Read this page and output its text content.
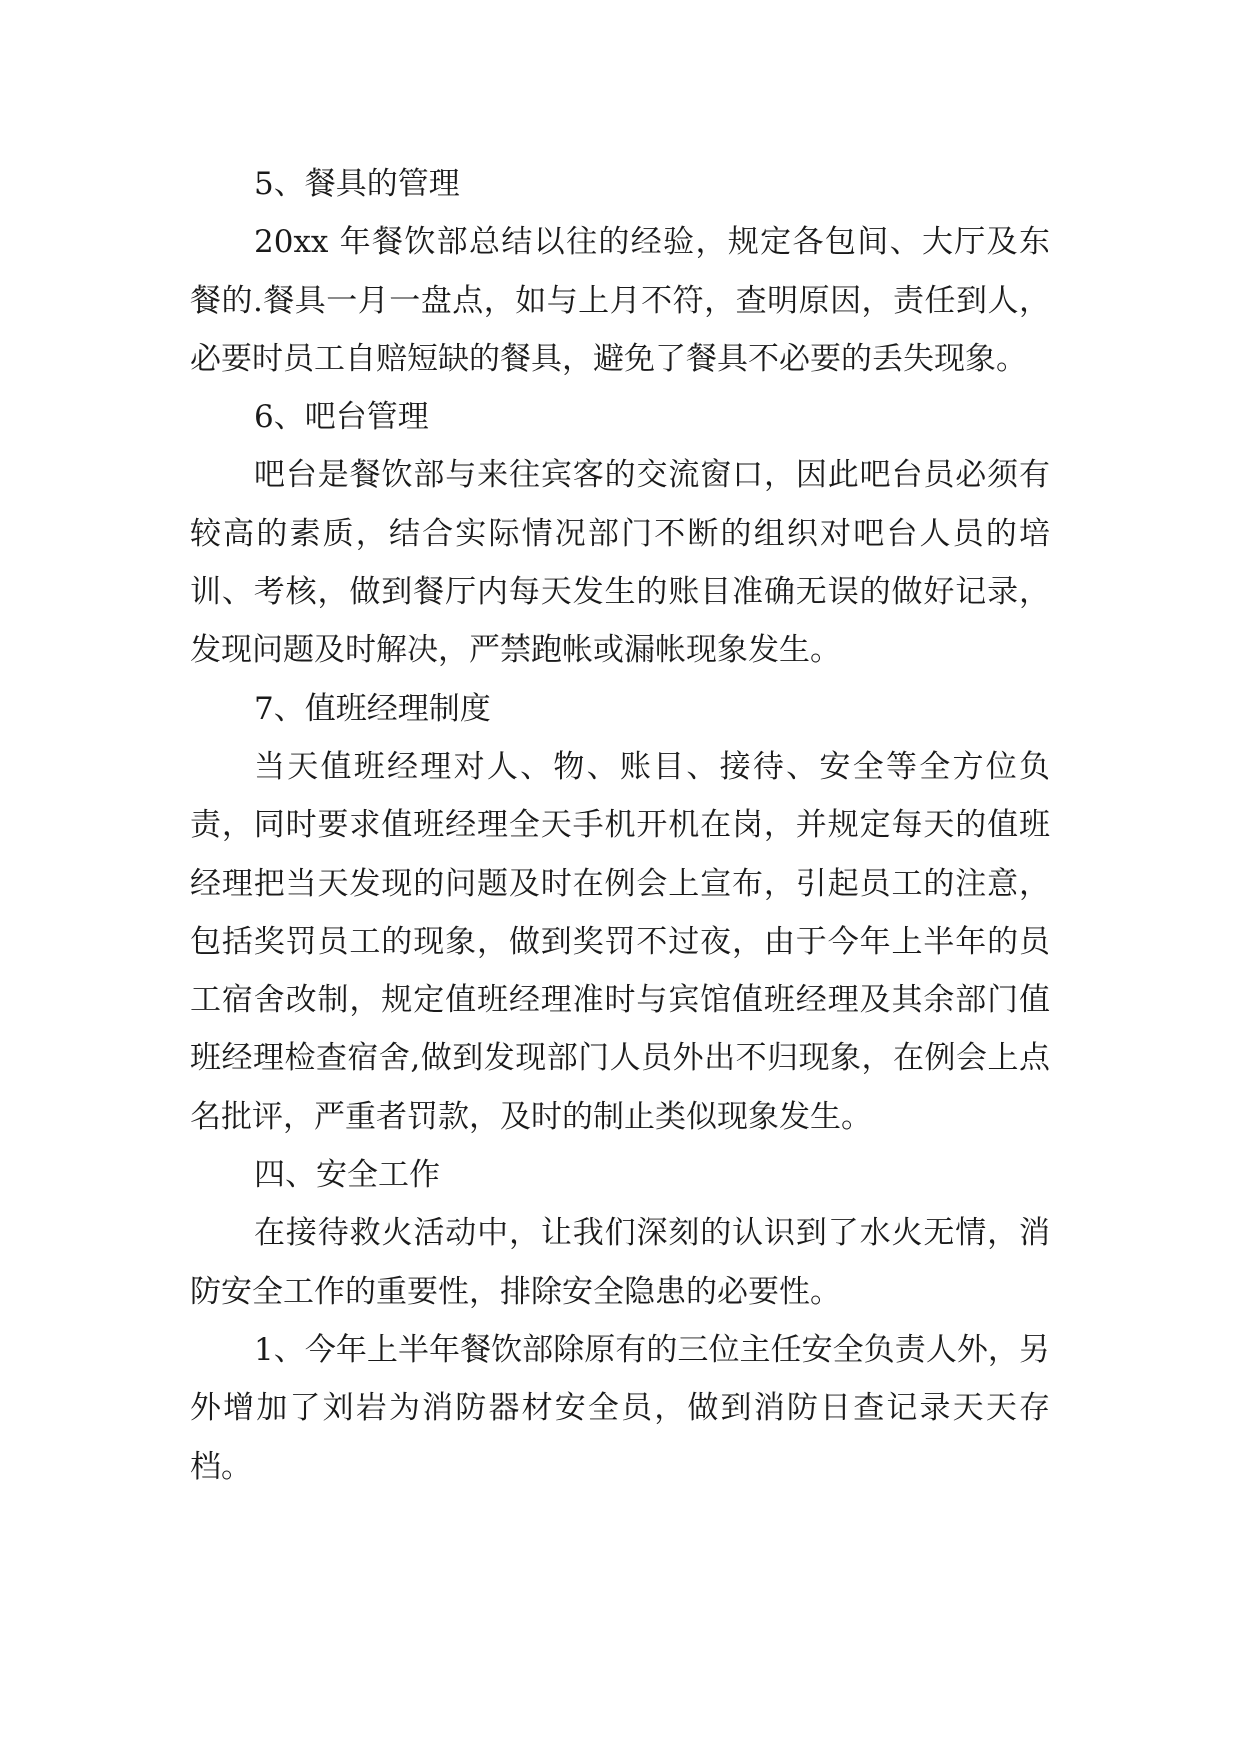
5、餐具的管理

20xx 年餐饮部总结以往的经验，规定各包间、大厅及东餐的.餐具一月一盘点，如与上月不符，查明原因，责任到人，必要时员工自赔短缺的餐具，避免了餐具不必要的丢失现象。

6、吧台管理

吧台是餐饮部与来往宾客的交流窗口，因此吧台员必须有较高的素质，结合实际情况部门不断的组织对吧台人员的培训、考核，做到餐厅内每天发生的账目准确无误的做好记录，发现问题及时解决，严禁跑帐或漏帐现象发生。

7、值班经理制度

当天值班经理对人、物、账目、接待、安全等全方位负责，同时要求值班经理全天手机开机在岗，并规定每天的值班经理把当天发现的问题及时在例会上宣布，引起员工的注意，包括奖罚员工的现象，做到奖罚不过夜，由于今年上半年的员工宿舍改制，规定值班经理准时与宾馆值班经理及其余部门值班经理检查宿舍,做到发现部门人员外出不归现象，在例会上点名批评，严重者罚款，及时的制止类似现象发生。

四、安全工作

在接待救火活动中，让我们深刻的认识到了水火无情，消防安全工作的重要性，排除安全隐患的必要性。

1、今年上半年餐饮部除原有的三位主任安全负责人外，另外增加了刘岩为消防器材安全员，做到消防日查记录天天存档。
